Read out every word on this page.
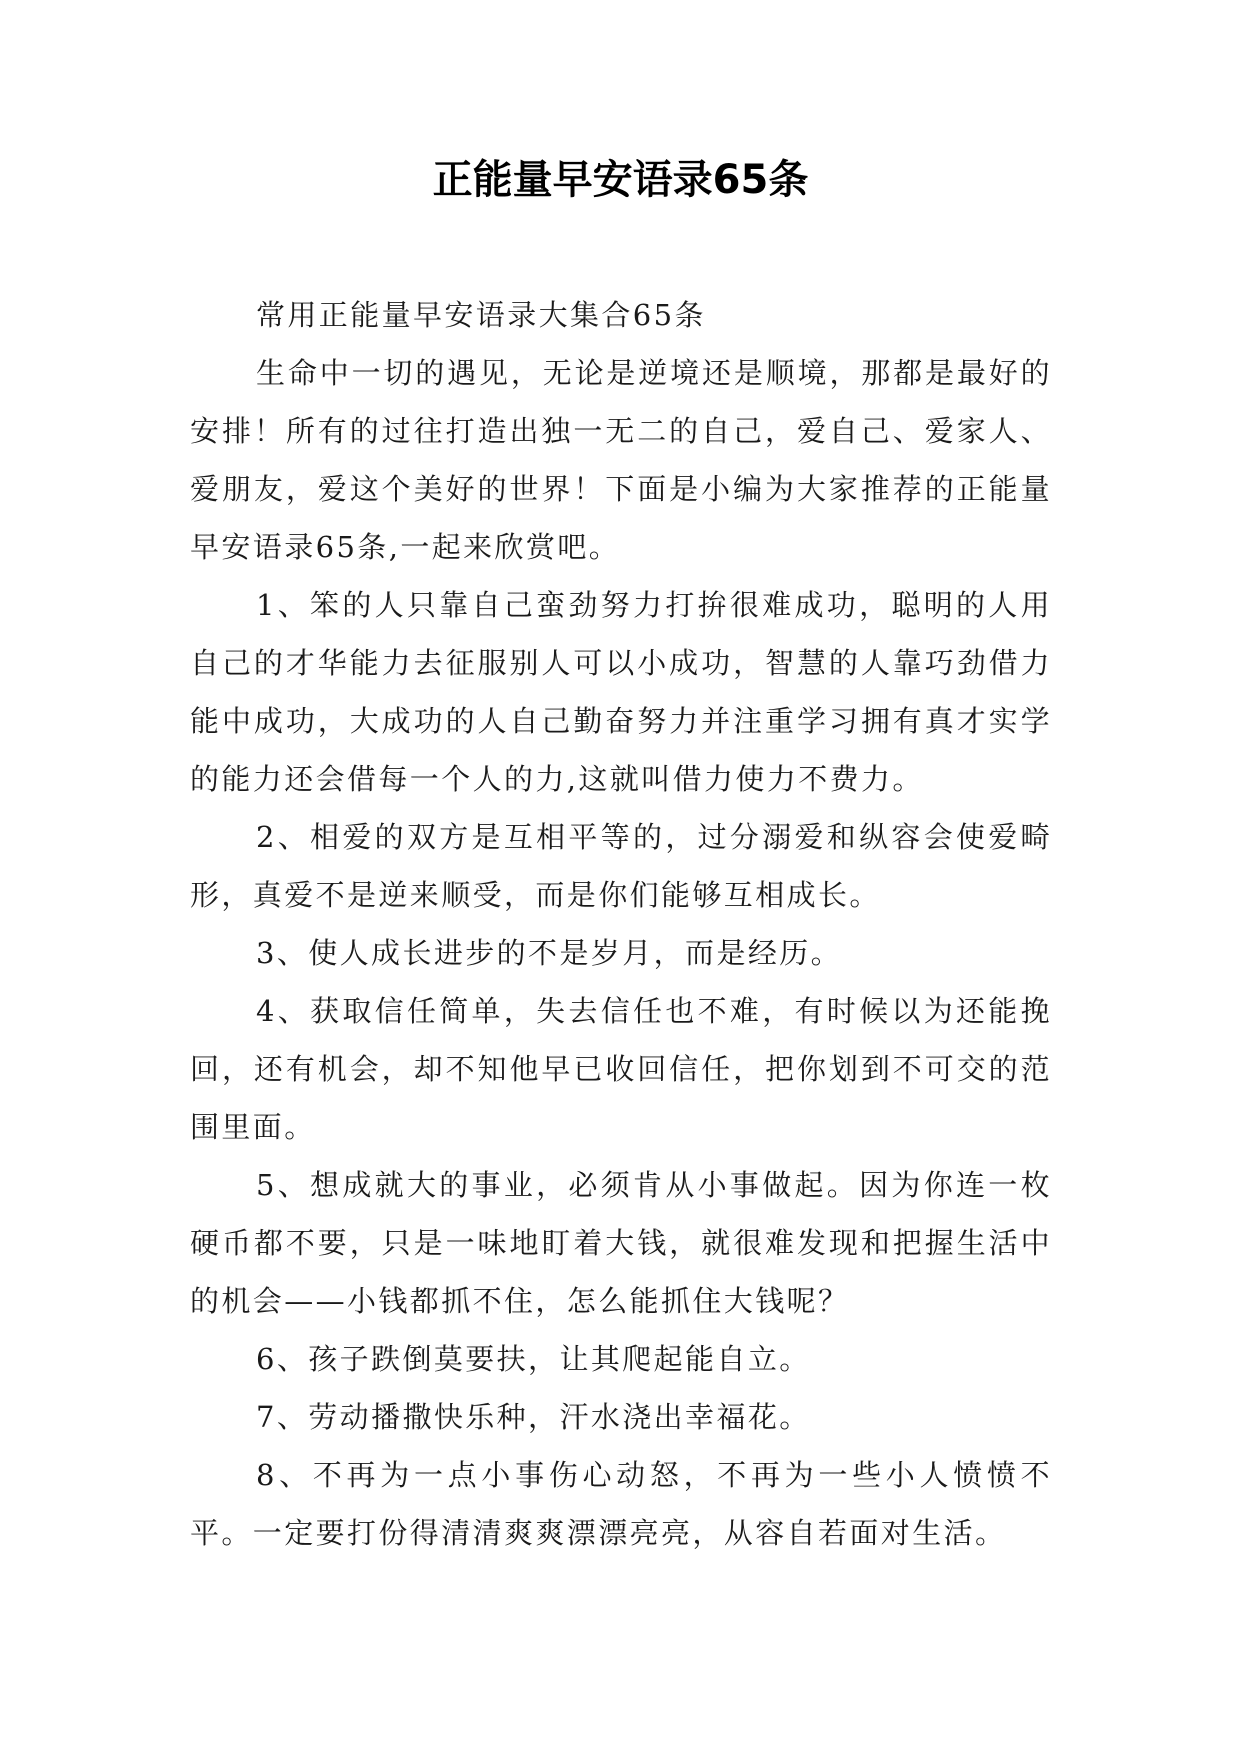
正能量早安语录65条

常用正能量早安语录大集合65条

生命中一切的遇见，无论是逆境还是顺境，那都是最好的安排！所有的过往打造出独一无二的自己，爱自己、爱家人、爱朋友，爱这个美好的世界！下面是小编为大家推荐的正能量早安语录65条,一起来欣赏吧。

1、笨的人只靠自己蛮劲努力打拚很难成功，聪明的人用自己的才华能力去征服别人可以小成功，智慧的人靠巧劲借力能中成功，大成功的人自己勤奋努力并注重学习拥有真才实学的能力还会借每一个人的力,这就叫借力使力不费力。

2、相爱的双方是互相平等的，过分溺爱和纵容会使爱畸形，真爱不是逆来顺受，而是你们能够互相成长。

3、使人成长进步的不是岁月，而是经历。

4、获取信任简单，失去信任也不难，有时候以为还能挽回，还有机会，却不知他早已收回信任，把你划到不可交的范围里面。

5、想成就大的事业，必须肯从小事做起。因为你连一枚硬币都不要，只是一味地盯着大钱，就很难发现和把握生活中的机会——小钱都抓不住，怎么能抓住大钱呢？

6、孩子跌倒莫要扶，让其爬起能自立。

7、劳动播撒快乐种，汗水浇出幸福花。

8、不再为一点小事伤心动怒，不再为一些小人愤愤不平。一定要打份得清清爽爽漂漂亮亮，从容自若面对生活。
